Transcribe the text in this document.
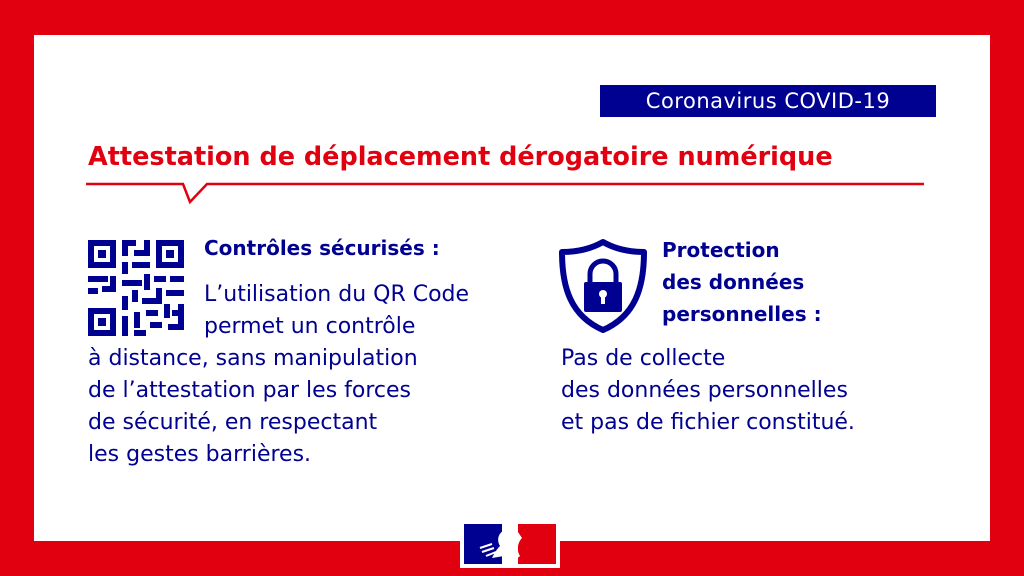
Coronavirus COVID-19
Attestation de déplacement dérogatoire numérique
Contrôles sécurisés :
L’utilisation du QR Code
permet un contrôle
à distance, sans manipulation
de l’attestation par les forces
de sécurité, en respectant
les gestes barrières.
Protection
des données
personnelles :
Pas de collecte
des données personnelles
et pas de fichier constitué.
